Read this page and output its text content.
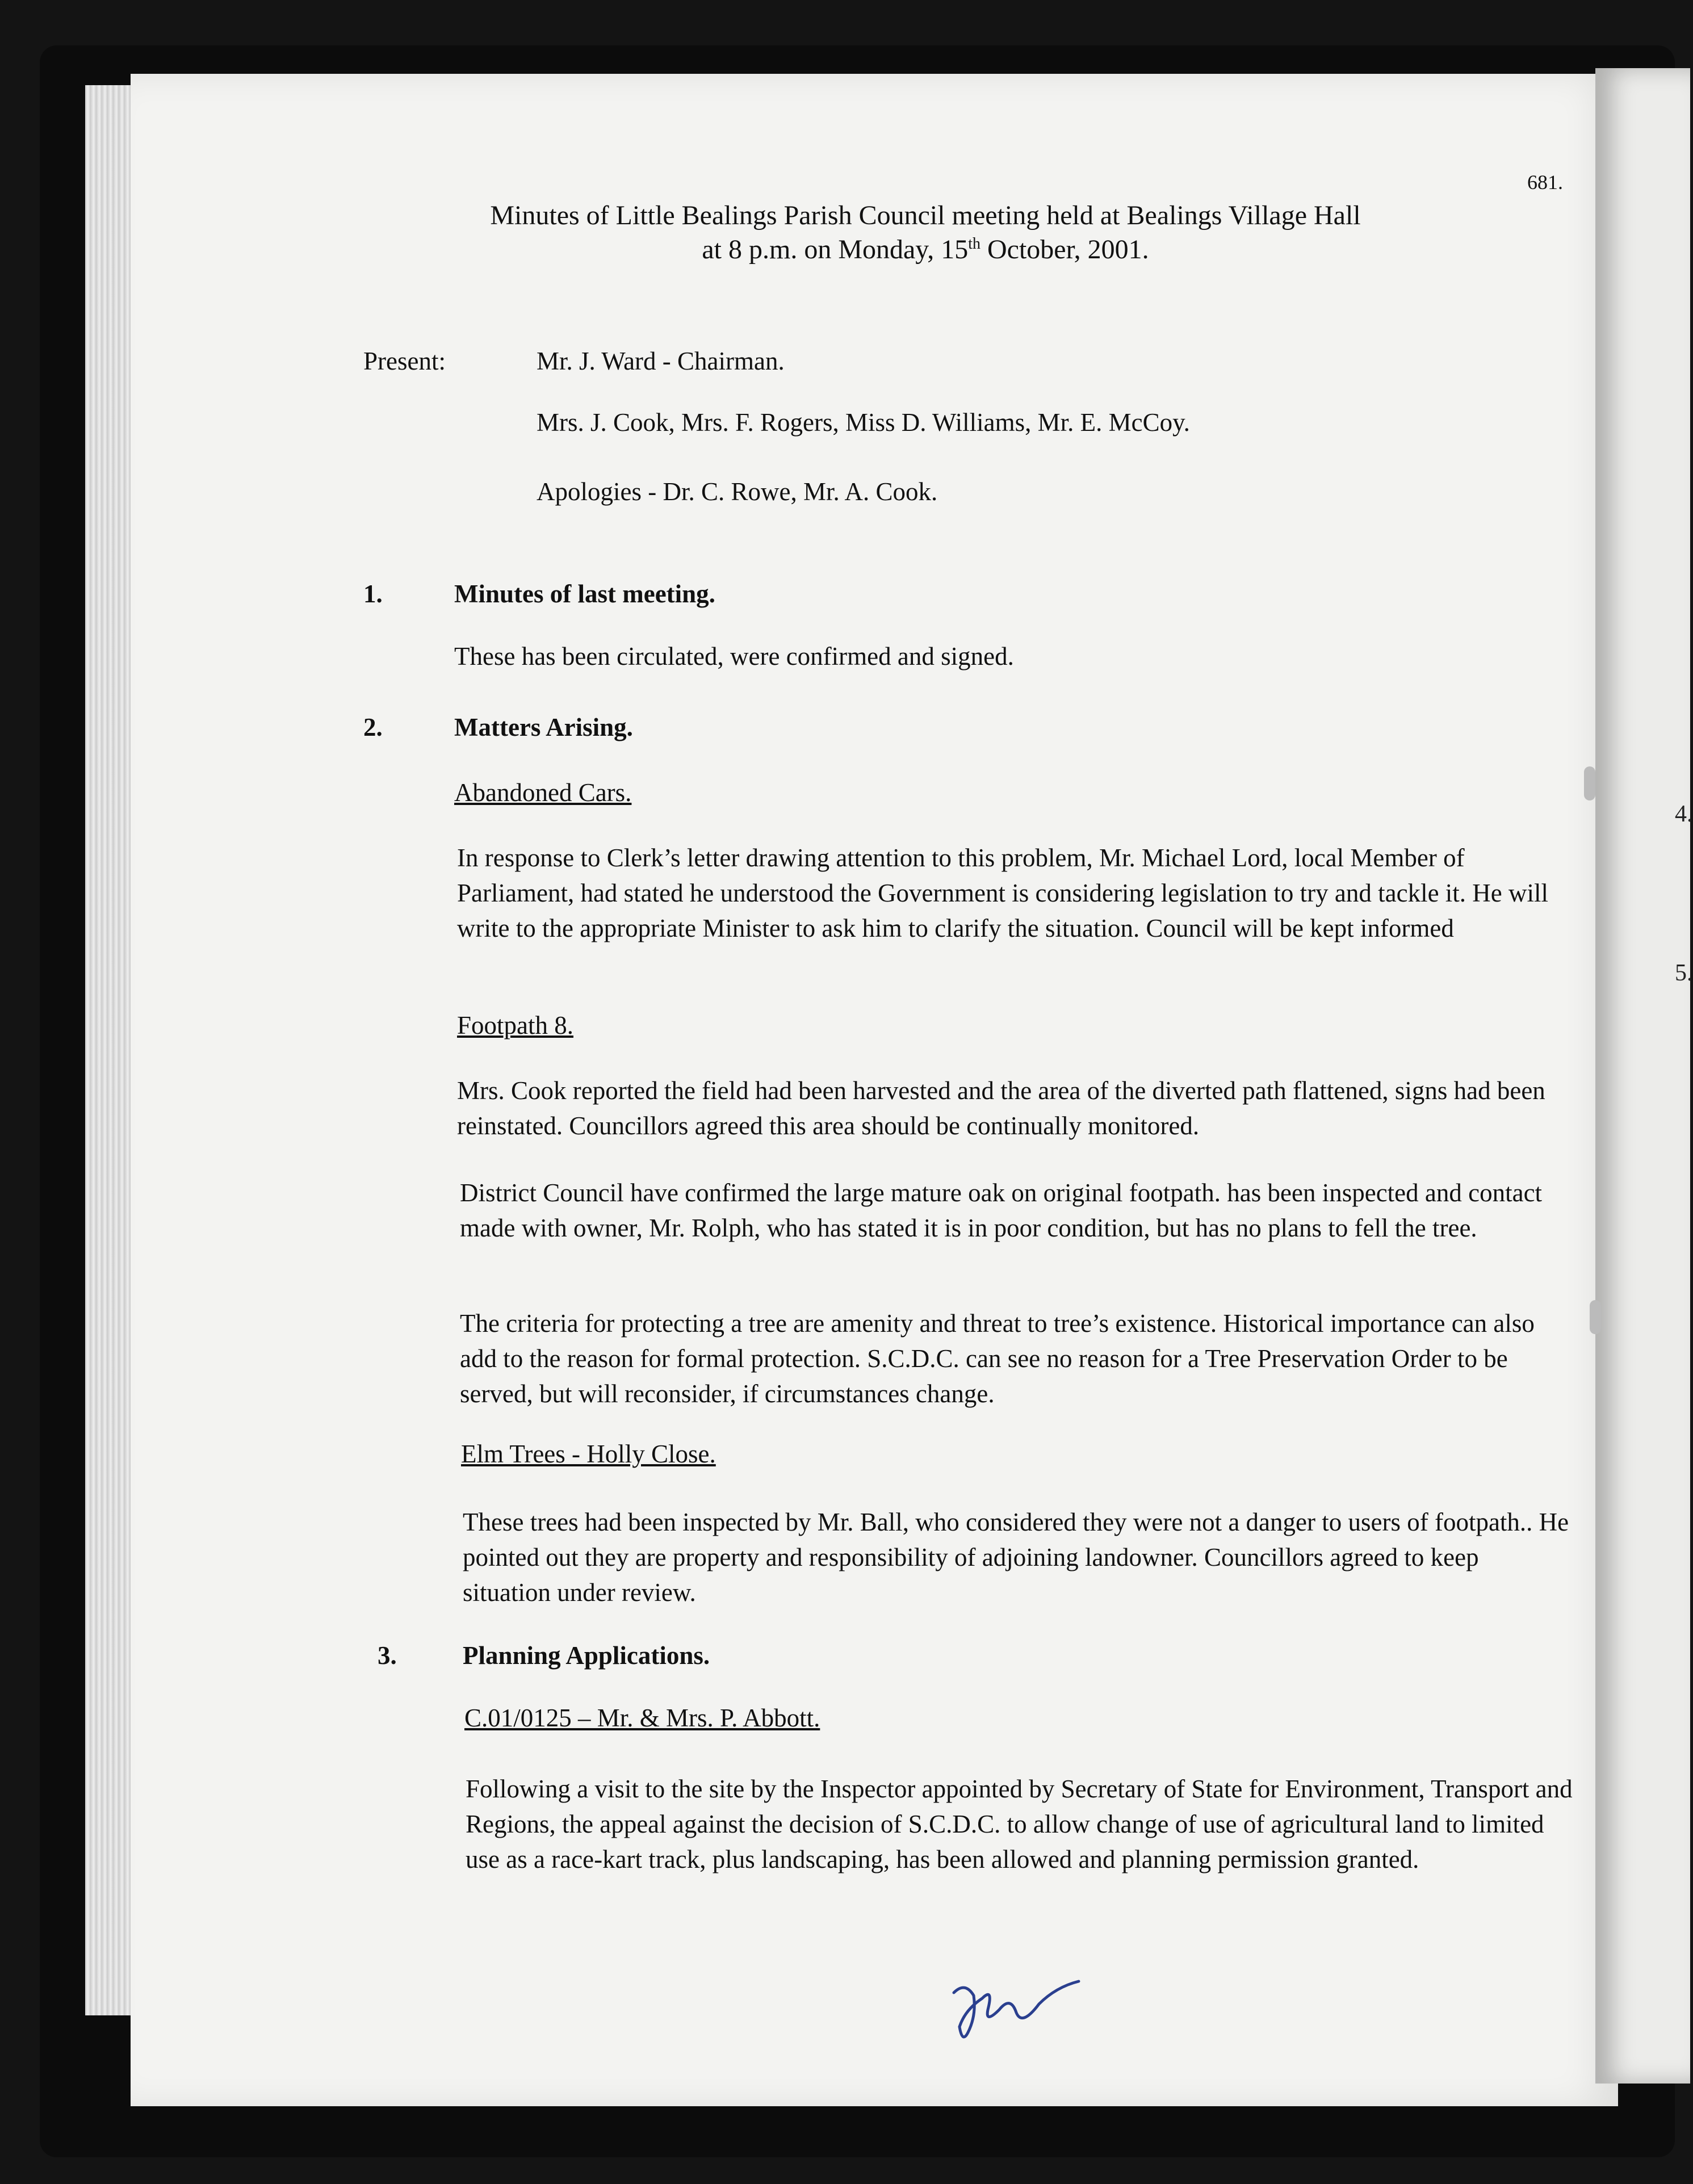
4.
5.
681.
Minutes of Little Bealings Parish Council meeting held at Bealings Village Hall
at 8 p.m. on Monday, 15th October, 2001.
Present:	Mr. J. Ward - Chairman.
Mrs. J. Cook, Mrs. F. Rogers, Miss D. Williams, Mr. E. McCoy.
Apologies - Dr. C. Rowe, Mr. A. Cook.
1.	Minutes of last meeting.
These has been circulated, were confirmed and signed.
2.	Matters Arising.
Abandoned Cars.
In response to Clerk’s letter drawing attention to this problem, Mr. Michael Lord, local Member of Parliament, had stated he understood the Government is considering legislation to try and tackle it. He will write to the appropriate Minister to ask him to clarify the situation. Council will be kept informed
Footpath 8.
Mrs. Cook reported the field had been harvested and the area of the diverted path flattened, signs had been reinstated. Councillors agreed this area should be continually monitored.
District Council have confirmed the large mature oak on original footpath. has been inspected and contact made with owner, Mr. Rolph, who has stated it is in poor condition, but has no plans to fell the tree.
The criteria for protecting a tree are amenity and threat to tree’s existence. Historical importance can also add to the reason for formal protection. S.C.D.C. can see no reason for a Tree Preservation Order to be served, but will reconsider, if circumstances change.
Elm Trees - Holly Close.
These trees had been inspected by Mr. Ball, who considered they were not a danger to users of footpath.. He pointed out they are property and responsibility of adjoining landowner. Councillors agreed to keep situation under review.
3.	Planning Applications.
C.01/0125 – Mr. & Mrs. P. Abbott.
Following a visit to the site by the Inspector appointed by Secretary of State for Environment, Transport and Regions, the appeal against the decision of S.C.D.C. to allow change of use of agricultural land to limited use as a race-kart track, plus landscaping, has been allowed and planning permission granted.
